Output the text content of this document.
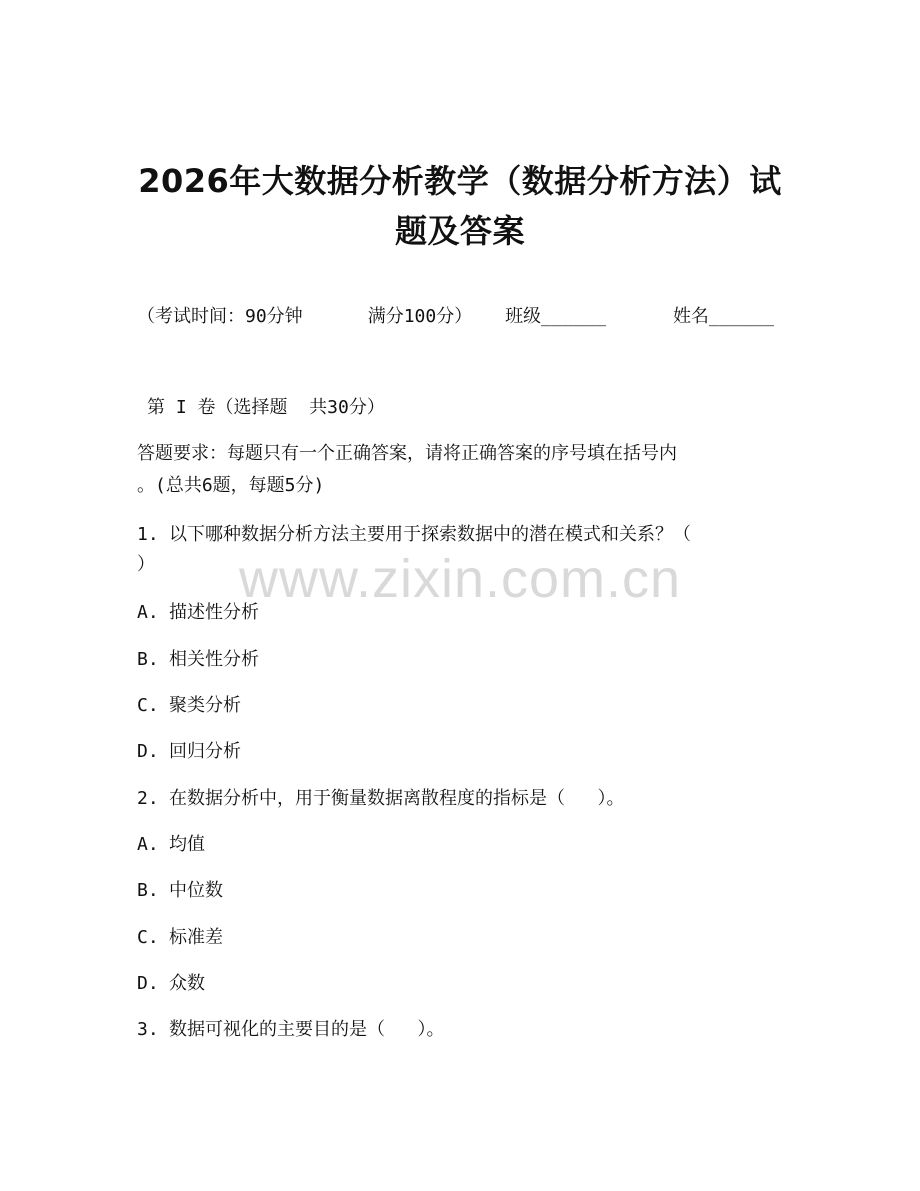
2026年大数据分析教学（数据分析方法）试
题及答案
（考试时间：90分钟      满分100分） 班级______	姓名______
第 I 卷（选择题  共30分）
答题要求：每题只有一个正确答案，请将正确答案的序号填在括号内
。(总共6题，每题5分)
1. 以下哪种数据分析方法主要用于探索数据中的潜在模式和关系？（
）
A. 描述性分析
B. 相关性分析
C. 聚类分析
D. 回归分析
2. 在数据分析中，用于衡量数据离散程度的指标是（   ）。
A. 均值
B. 中位数
C. 标准差
D. 众数
3. 数据可视化的主要目的是（   ）。
www.zixin.com.cn
